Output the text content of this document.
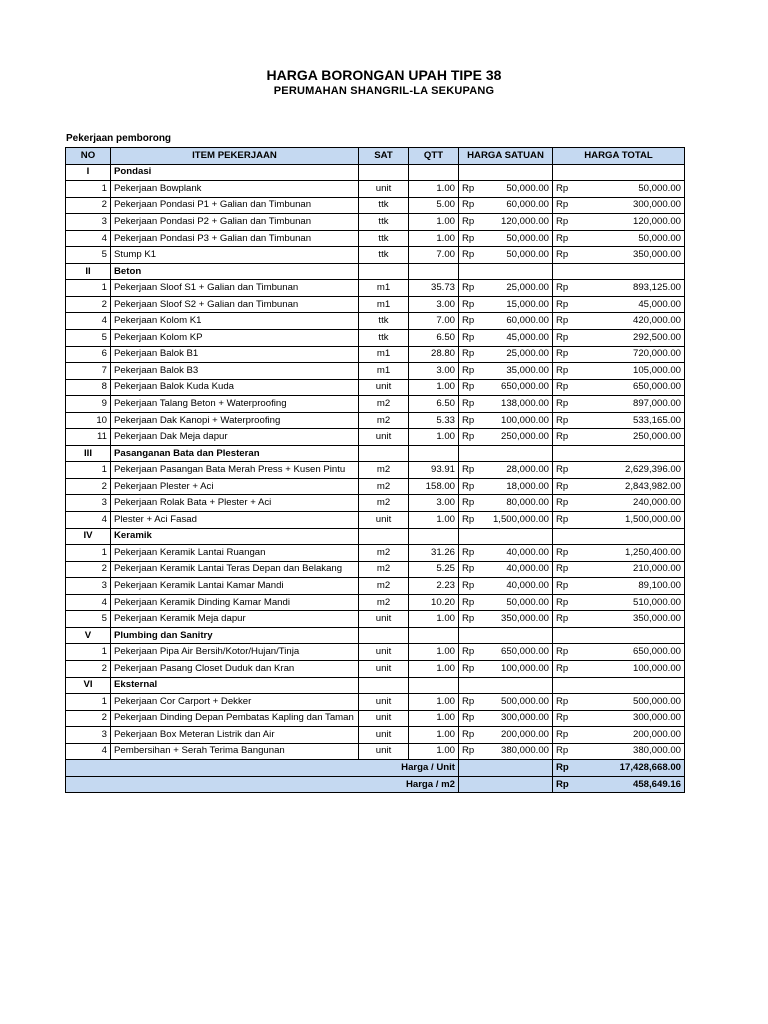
HARGA BORONGAN UPAH TIPE 38
PERUMAHAN SHANGRIL-LA SEKUPANG
Pekerjaan pemborong
NO	ITEM PEKERJAAN	SAT	QTT	HARGA SATUAN		HARGA TOTAL	
I	Pondasi						
1	Pekerjaan Bowplank	unit	1.00	Rp	50,000.00	Rp	50,000.00
2	Pekerjaan Pondasi P1 + Galian dan Timbunan	ttk	5.00	Rp	60,000.00	Rp	300,000.00
3	Pekerjaan Pondasi P2 + Galian dan Timbunan	ttk	1.00	Rp	120,000.00	Rp	120,000.00
4	Pekerjaan Pondasi P3 + Galian dan Timbunan	ttk	1.00	Rp	50,000.00	Rp	50,000.00
5	Stump K1	ttk	7.00	Rp	50,000.00	Rp	350,000.00
II	Beton						
1	Pekerjaan Sloof S1 + Galian dan Timbunan	m1	35.73	Rp	25,000.00	Rp	893,125.00
2	Pekerjaan Sloof S2 + Galian dan Timbunan	m1	3.00	Rp	15,000.00	Rp	45,000.00
4	Pekerjaan Kolom K1	ttk	7.00	Rp	60,000.00	Rp	420,000.00
5	Pekerjaan Kolom KP	ttk	6.50	Rp	45,000.00	Rp	292,500.00
6	Pekerjaan Balok B1	m1	28.80	Rp	25,000.00	Rp	720,000.00
7	Pekerjaan Balok B3	m1	3.00	Rp	35,000.00	Rp	105,000.00
8	Pekerjaan Balok Kuda Kuda	unit	1.00	Rp	650,000.00	Rp	650,000.00
9	Pekerjaan Talang Beton + Waterproofing	m2	6.50	Rp	138,000.00	Rp	897,000.00
10	Pekerjaan Dak Kanopi + Waterproofing	m2	5.33	Rp	100,000.00	Rp	533,165.00
11	Pekerjaan Dak Meja dapur	unit	1.00	Rp	250,000.00	Rp	250,000.00
III	Pasanganan Bata dan Plesteran						
1	Pekerjaan Pasangan Bata Merah Press + Kusen Pintu	m2	93.91	Rp	28,000.00	Rp	2,629,396.00
2	Pekerjaan Plester + Aci	m2	158.00	Rp	18,000.00	Rp	2,843,982.00
3	Pekerjaan Rolak Bata + Plester + Aci	m2	3.00	Rp	80,000.00	Rp	240,000.00
4	Plester + Aci Fasad	unit	1.00	Rp	1,500,000.00	Rp	1,500,000.00
IV	Keramik						
1	Pekerjaan Keramik Lantai Ruangan	m2	31.26	Rp	40,000.00	Rp	1,250,400.00
2	Pekerjaan Keramik Lantai Teras Depan dan Belakang	m2	5.25	Rp	40,000.00	Rp	210,000.00
3	Pekerjaan Keramik Lantai Kamar Mandi	m2	2.23	Rp	40,000.00	Rp	89,100.00
4	Pekerjaan Keramik Dinding Kamar Mandi	m2	10.20	Rp	50,000.00	Rp	510,000.00
5	Pekerjaan Keramik Meja dapur	unit	1.00	Rp	350,000.00	Rp	350,000.00
V	Plumbing dan Sanitry						
1	Pekerjaan Pipa Air Bersih/Kotor/Hujan/Tinja	unit	1.00	Rp	650,000.00	Rp	650,000.00
2	Pekerjaan Pasang Closet Duduk dan Kran	unit	1.00	Rp	100,000.00	Rp	100,000.00
VI	Eksternal						
1	Pekerjaan Cor Carport + Dekker	unit	1.00	Rp	500,000.00	Rp	500,000.00
2	Pekerjaan Dinding Depan Pembatas Kapling dan Taman	unit	1.00	Rp	300,000.00	Rp	300,000.00
3	Pekerjaan Box Meteran Listrik dan Air	unit	1.00	Rp	200,000.00	Rp	200,000.00
4	Pembersihan + Serah Terima Bangunan	unit	1.00	Rp	380,000.00	Rp	380,000.00
Harga / Unit						Rp	17,428,668.00
Harga / m2						Rp	458,649.16
